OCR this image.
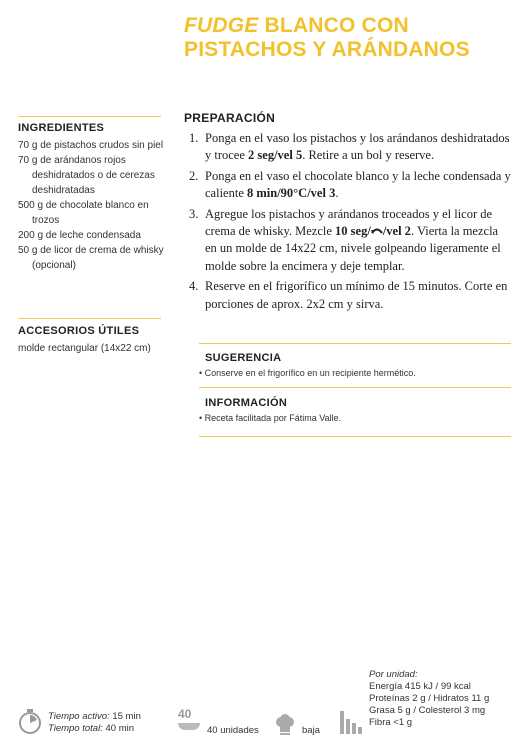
FUDGE BLANCO CON
PISTACHOS Y ARÁNDANOS
INGREDIENTES
70 g de pistachos crudos sin piel
70 g de arándanos rojos deshidratados o de cerezas deshidratadas
500 g de chocolate blanco en trozos
200 g de leche condensada
50 g de licor de crema de whisky (opcional)
ACCESORIOS ÚTILES
molde rectangular (14x22 cm)
PREPARACIÓN
1. Ponga en el vaso los pistachos y los arándanos deshidratados y trocee 2 seg/vel 5. Retire a un bol y reserve.
2. Ponga en el vaso el chocolate blanco y la leche condensada y caliente 8 min/90°C/vel 3.
3. Agregue los pistachos y arándanos troceados y el licor de crema de whisky. Mezcle 10 seg/ /vel 2. Vierta la mezcla en un molde de 14x22 cm, nivele golpeando ligeramente el molde sobre la encimera y deje templar.
4. Reserve en el frigorífico un mínimo de 15 minutos. Corte en porciones de aprox. 2x2 cm y sirva.
SUGERENCIA
• Conserve en el frigorífico en un recipiente hermético.
INFORMACIÓN
• Receta facilitada por Fátima Valle.
Tiempo activo: 15 min
Tiempo total: 40 min
40
40 unidades	baja
Por unidad:
Energía 415 kJ / 99 kcal
Proteínas 2 g / Hidratos 11 g
Grasa 5 g / Colesterol 3 mg
Fibra <1 g
